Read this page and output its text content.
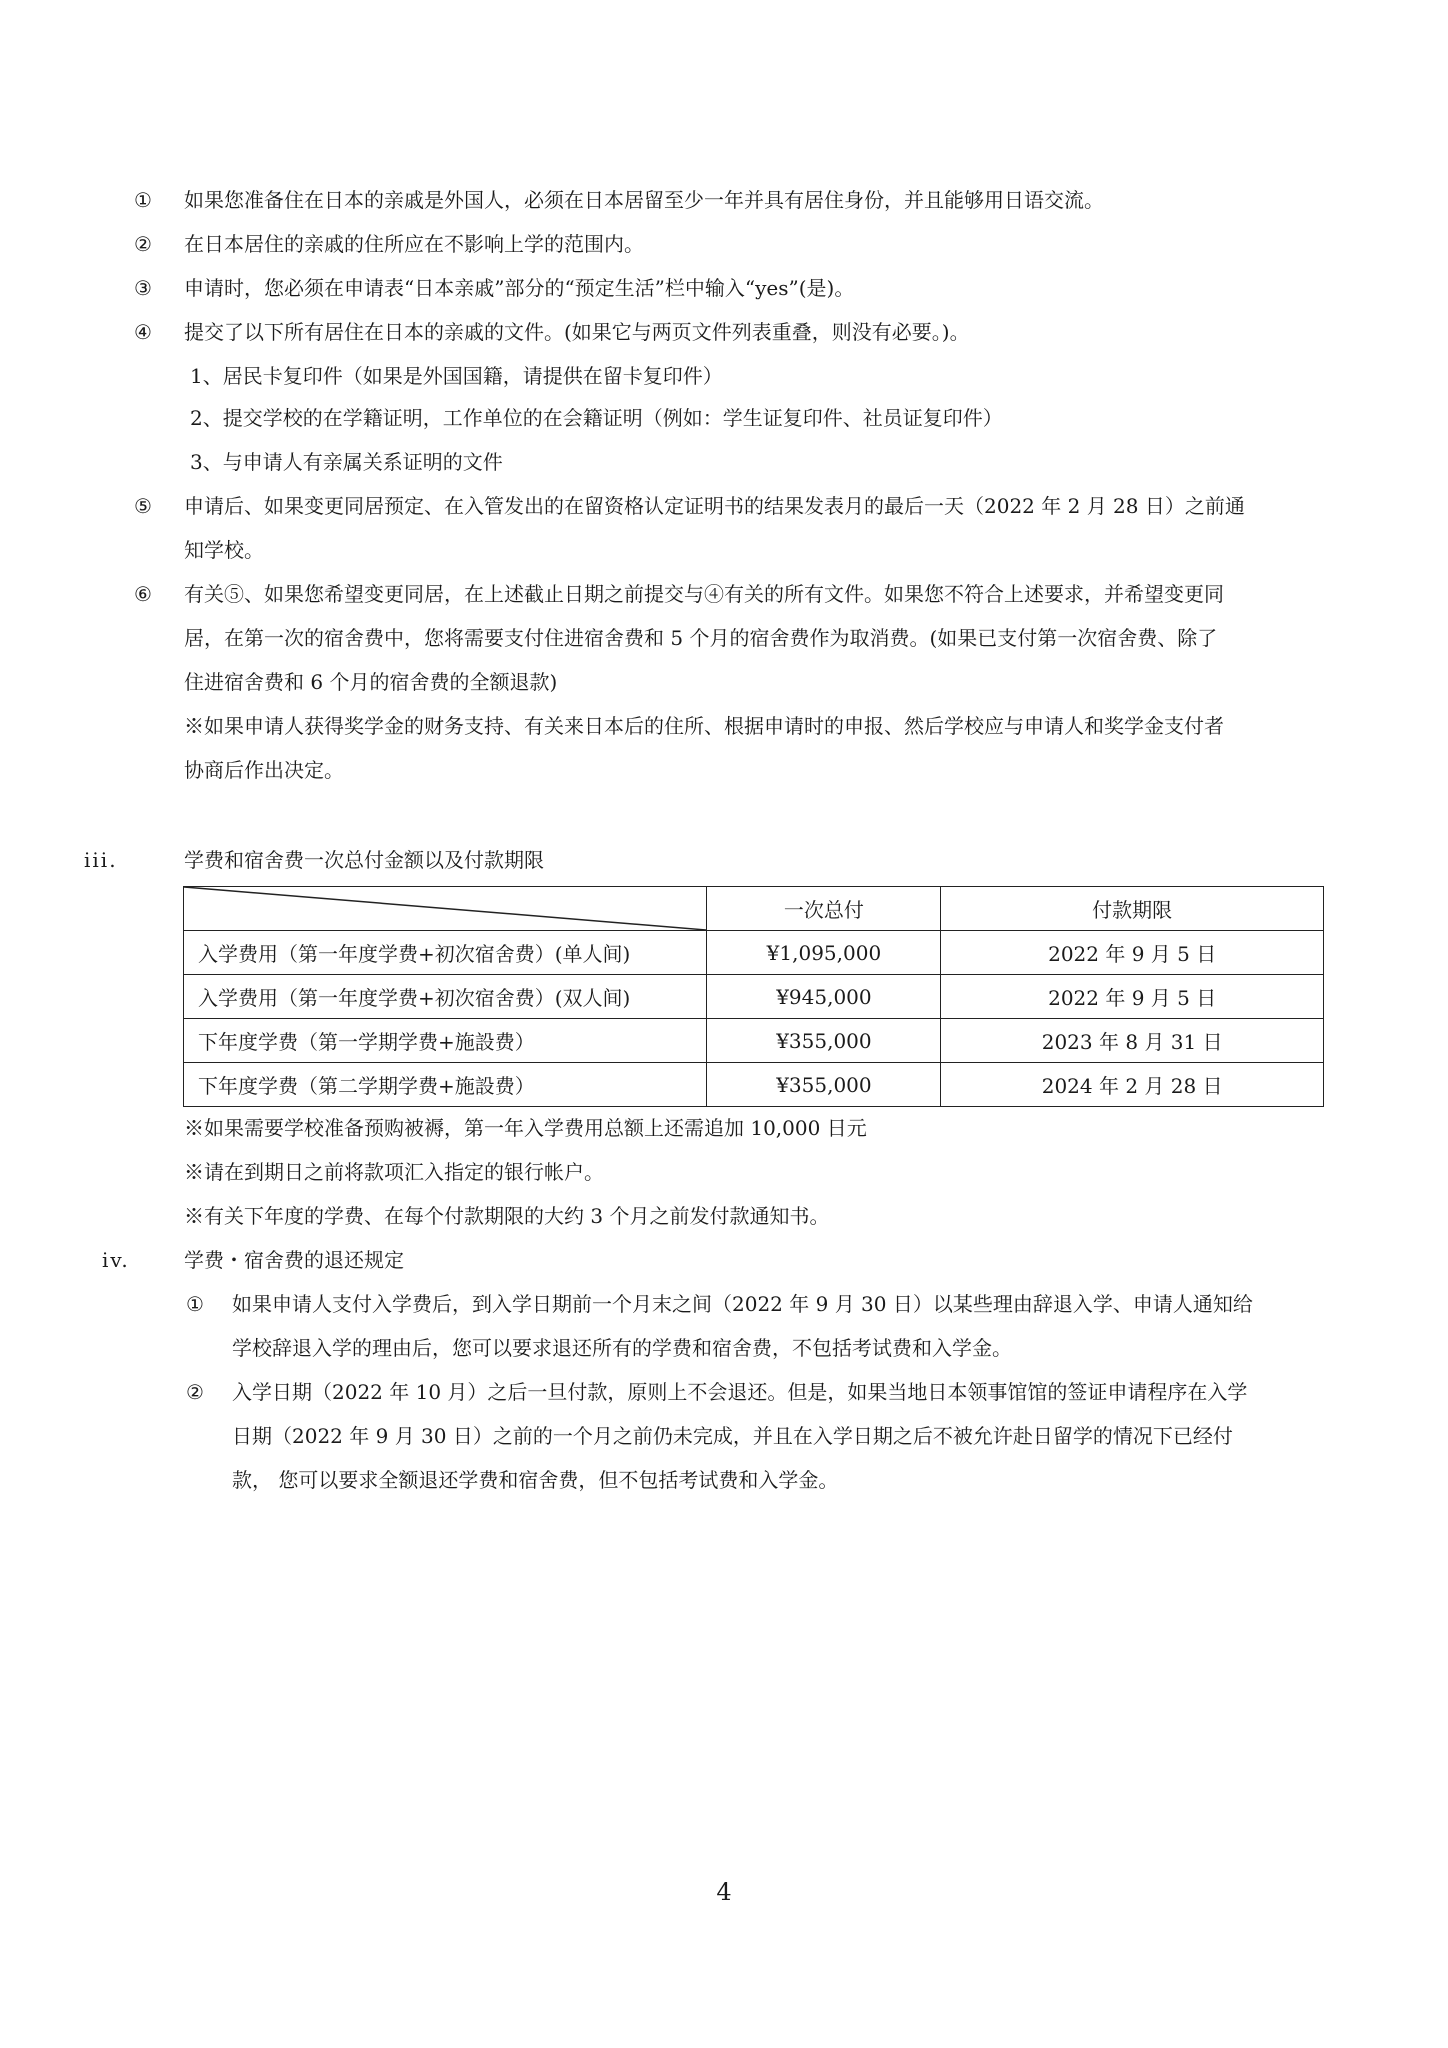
①	如果您准备住在日本的亲戚是外国人，必须在日本居留至少一年并具有居住身份，并且能够用日语交流。
②	在日本居住的亲戚的住所应在不影响上学的范围内。
③	申请时，您必须在申请表“日本亲戚”部分的“预定生活”栏中输入“yes”(是)。
④	提交了以下所有居住在日本的亲戚的文件。(如果它与两页文件列表重叠，则没有必要。)。
1、居民卡复印件（如果是外国国籍，请提供在留卡复印件）
2、提交学校的在学籍证明，工作单位的在会籍证明（例如：学生证复印件、社员证复印件）
3、与申请人有亲属关系证明的文件
⑤	申请后、如果变更同居预定、在入管发出的在留资格认定证明书的结果发表月的最后一天（2022 年 2 月 28 日）之前通
知学校。
⑥	有关⑤、如果您希望变更同居，在上述截止日期之前提交与④有关的所有文件。如果您不符合上述要求，并希望变更同
居，在第一次的宿舍费中，您将需要支付住进宿舍费和 5 个月的宿舍费作为取消费。(如果已支付第一次宿舍费、除了
住进宿舍费和 6 个月的宿舍费的全额退款)
※如果申请人获得奖学金的财务支持、有关来日本后的住所、根据申请时的申报、然后学校应与申请人和奖学金支付者
协商后作出决定。
iii.	学费和宿舍费一次总付金额以及付款期限
	一次总付	付款期限
入学费用（第一年度学费+初次宿舍费）(单人间)	¥1,095,000	2022 年 9 月 5 日
入学费用（第一年度学费+初次宿舍费）(双人间)	¥945,000	2022 年 9 月 5 日
下年度学费（第一学期学费+施設费）	¥355,000	2023 年 8 月 31 日
下年度学费（第二学期学费+施設费）	¥355,000	2024 年 2 月 28 日
※如果需要学校准备预购被褥，第一年入学费用总额上还需追加 10,000 日元
※请在到期日之前将款项汇入指定的银行帐户。
※有关下年度的学费、在每个付款期限的大约 3 个月之前发付款通知书。
iv.	学费・宿舍费的退还规定
①	如果申请人支付入学费后，到入学日期前一个月末之间（2022 年 9 月 30 日）以某些理由辞退入学、申请人通知给
学校辞退入学的理由后，您可以要求退还所有的学费和宿舍费，不包括考试费和入学金。
②	入学日期（2022 年 10 月）之后一旦付款，原则上不会退还。但是，如果当地日本领事馆馆的签证申请程序在入学
日期（2022 年 9 月 30 日）之前的一个月之前仍未完成，并且在入学日期之后不被允许赴日留学的情况下已经付
款， 您可以要求全额退还学费和宿舍费，但不包括考试费和入学金。
4
